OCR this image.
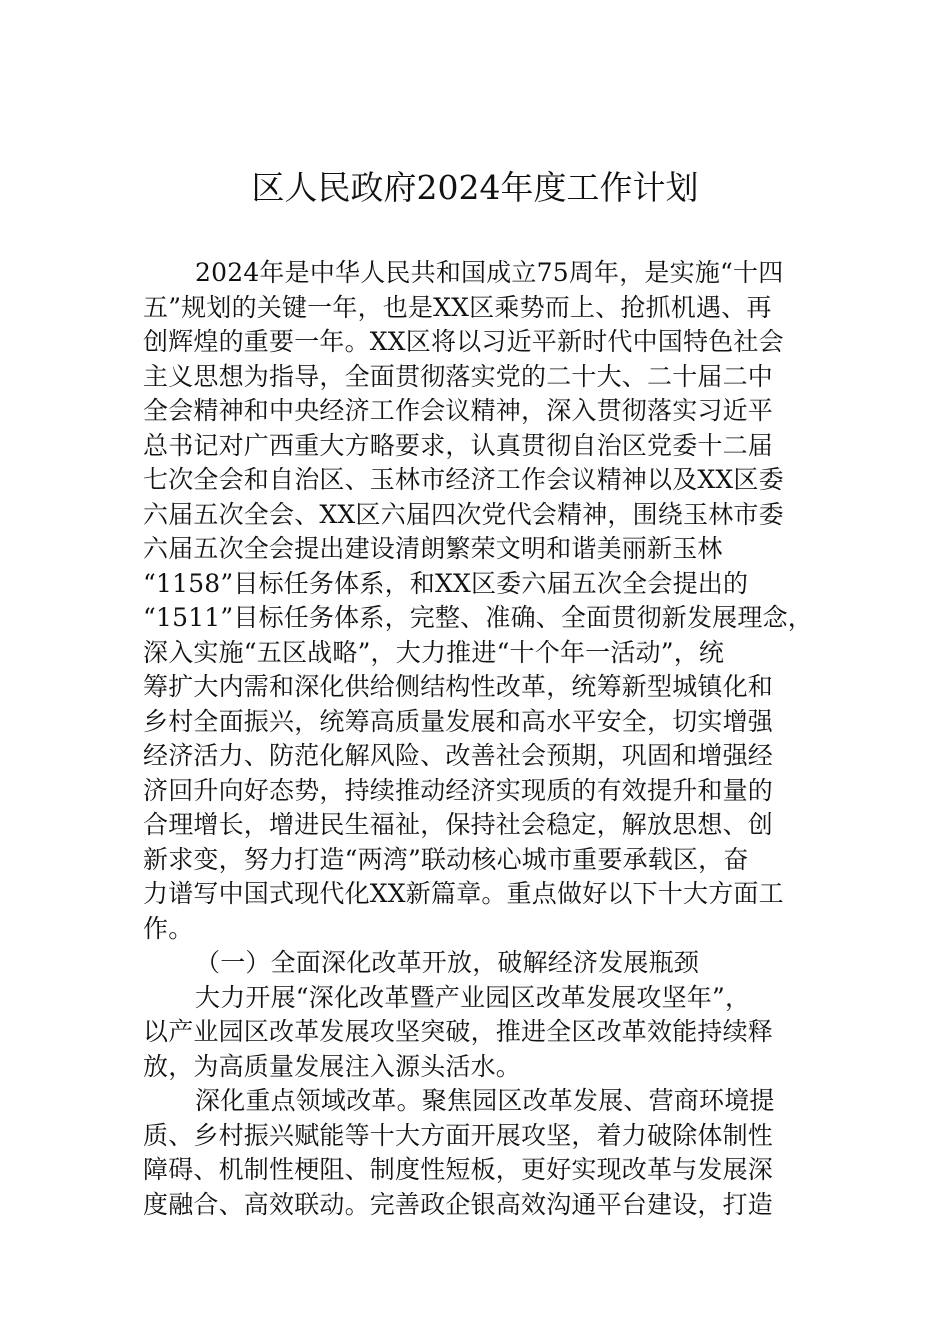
区人民政府2024年度工作计划
2024年是中华人民共和国成立75周年，是实施“十四
五”规划的关键一年，也是XX区乘势而上、抢抓机遇、再
创辉煌的重要一年。XX区将以习近平新时代中国特色社会
主义思想为指导，全面贯彻落实党的二十大、二十届二中
全会精神和中央经济工作会议精神，深入贯彻落实习近平
总书记对广西重大方略要求，认真贯彻自治区党委十二届
七次全会和自治区、玉林市经济工作会议精神以及XX区委
六届五次全会、XX区六届四次党代会精神，围绕玉林市委
六届五次全会提出建设清朗繁荣文明和谐美丽新玉林
“1158”目标任务体系，和XX区委六届五次全会提出的
“1511”目标任务体系，完整、准确、全面贯彻新发展理念，
深入实施“五区战略”，大力推进“十个年一活动”，统
筹扩大内需和深化供给侧结构性改革，统筹新型城镇化和
乡村全面振兴，统筹高质量发展和高水平安全，切实增强
经济活力、防范化解风险、改善社会预期，巩固和增强经
济回升向好态势，持续推动经济实现质的有效提升和量的
合理增长，增进民生福祉，保持社会稳定，解放思想、创
新求变，努力打造“两湾”联动核心城市重要承载区，奋
力谱写中国式现代化XX新篇章。重点做好以下十大方面工
作。
（一）全面深化改革开放，破解经济发展瓶颈
大力开展“深化改革暨产业园区改革发展攻坚年”，
以产业园区改革发展攻坚突破，推进全区改革效能持续释
放，为高质量发展注入源头活水。
深化重点领域改革。聚焦园区改革发展、营商环境提
质、乡村振兴赋能等十大方面开展攻坚，着力破除体制性
障碍、机制性梗阻、制度性短板，更好实现改革与发展深
度融合、高效联动。完善政企银高效沟通平台建设，打造
